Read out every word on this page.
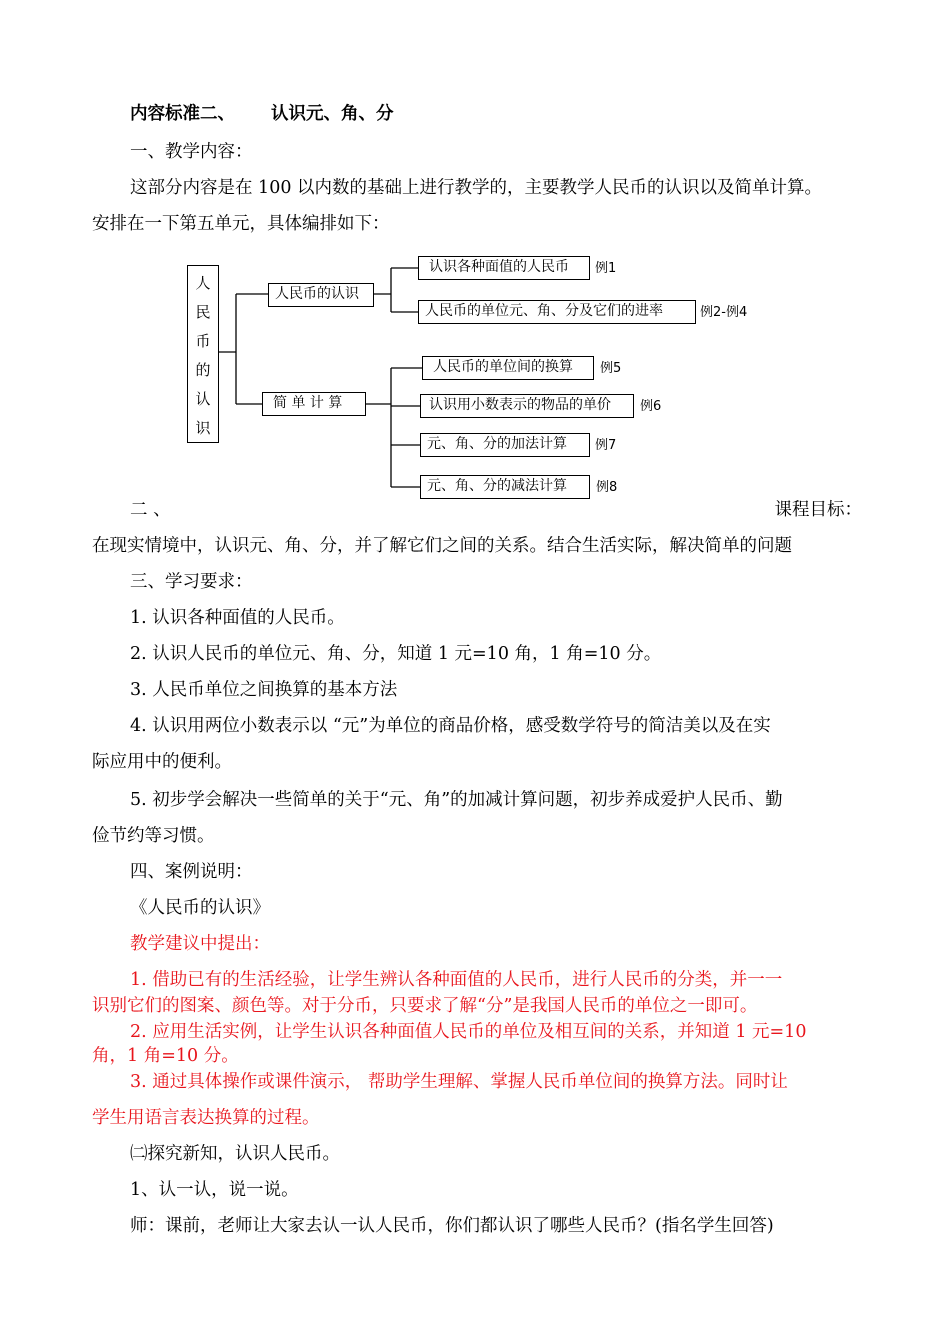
内容标准二、 认识元、角、分
一、教学内容：
这部分内容是在 100 以内数的基础上进行教学的，主要教学人民币的认识以及简单计算。
安排在一下第五单元，具体编排如下：
人
民
币
的
认
识
人民币的认识
简 单 计 算
认识各种面值的人民币	例1
人民币的单位元、角、分及它们的进率	例2-例4
人民币的单位间的换算	例5
认识用小数表示的物品的单价	例6
元、角、分的加法计算	例7
元、角、分的减法计算	例8
二 、	课程目标：
在现实情境中，认识元、角、分，并了解它们之间的关系。结合生活实际，解决简单的问题
三、学习要求：
1. 认识各种面值的人民币。
2. 认识人民币的单位元、角、分，知道 1 元=10 角，1 角=10 分。
3. 人民币单位之间换算的基本方法
4. 认识用两位小数表示以 “元”为单位的商品价格，感受数学符号的简洁美以及在实
际应用中的便利。
5. 初步学会解决一些简单的关于“元、角”的加减计算问题，初步养成爱护人民币、勤
俭节约等习惯。
四、案例说明：
《人民币的认识》
教学建议中提出：
1. 借助已有的生活经验，让学生辨认各种面值的人民币，进行人民币的分类，并一一
识别它们的图案、颜色等。对于分币，只要求了解“分”是我国人民币的单位之一即可。
2. 应用生活实例，让学生认识各种面值人民币的单位及相互间的关系，并知道 1 元=10
角，1 角=10 分。
3. 通过具体操作或课件演示， 帮助学生理解、掌握人民币单位间的换算方法。同时让
学生用语言表达换算的过程。
㈡探究新知，认识人民币。
1、认一认，说一说。
师：课前，老师让大家去认一认人民币，你们都认识了哪些人民币？(指名学生回答)
